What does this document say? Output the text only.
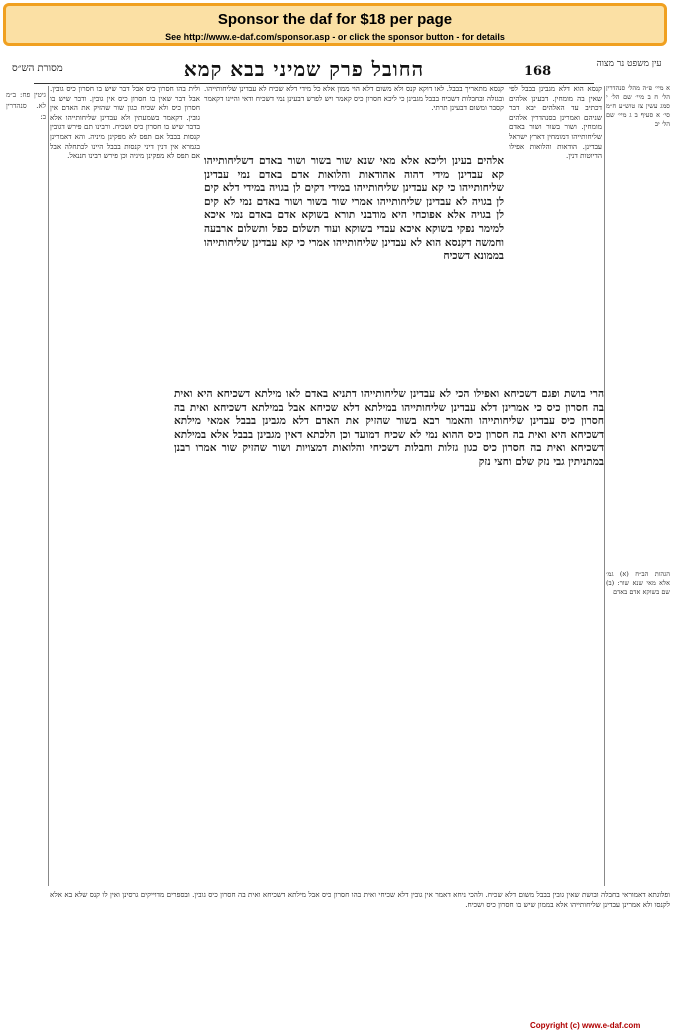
Sponsor the daf for $18 per page
See http://www.e-daf.com/sponsor.asp - or click the sponsor button - for details
מסורת הש״ס	החובל פרק שמיני בבא קמא	168	עין משפט נר מצוה
גיטין פח: ב״מ לא. סנהדרין ב:
ולית בהו חסרון כיס אבל דבר שיש בו חסרון כיס גובין. אבל דבר שאין בו חסרון כיס אין גובין. ודבר שיש בו חסרון כיס ולא שכיח כגון שור שהזיק את האדם אין גובין. דקאמר בשמעתין ולא עבדינן שליחותייהו אלא בדבר שיש בו חסרון כיס ושכיח. ורבינו תם פירש דגובין קנסות בבבל אם תפס לא מפקינן מיניה. והא דאמרינן בגמרא אין דנין דיני קנסות בבבל היינו לכתחלה אבל אם תפס לא מפקינן מיניה וכן פירש רבינו חננאל.
קנסא מתאריך בבבל. לאו דוקא קנס ולא משום דלא הוי ממון אלא כל מידי דלא שכיח לא עבדינן שליחותייהו. ובגזלה ובחבלות דשכיח בבבל מגבינן כי ליכא חסרון כיס קאמר ויש לפרש דבעינן נמי דשכיח ודאי והיינו דקאמר קסבר ומשום דבעינן תרתי.
אלהים בעינן וליכא אלא מאי שנא שור בשור ושור באדם דשליחותייהו קא עבדינן מידי דהוה אהודאות והלואות אדם באדם נמי עבדינן שליחותייהו כי קא עבדינן שליחותייהו במידי דקים לן בגויה במידי דלא קים לן בגויה לא עבדינן שליחותייהו אמרי שור בשור ושור באדם נמי לא קים לן בגויה אלא אפוכחי היא מודבני תורא בשוקא אדם באדם נמי איכא למימר נפקי בשוקא איכא עבדי בשוקא ועוד תשלום כפל ותשלום ארבעה וחמשה דקנסא הוא לא עבדינן שליחותייהו אמרי כי קא עבדינן שליחותייהו בממונא דשכיח
הרי בושת ופגם דשכיחא ואפילו הכי לא עבדינן שליחותייהו דתניא באדם לאו מילתא דשכיחא היא ואית בה חסרון כיס כי אמרינן דלא עבדינן שליחותייהו במילתא דלא שכיחא אבל במילתא דשכיחא ואית בה חסרון כיס עבדינן שליחותייהו והאמר רבא בשור שהזיק את האדם דלא מגבינן בבבל אמאי מילתא דשכיחא היא ואית בה חסרון כיס ההוא נמי לא שכיח דמועד וכן הלכתא דאין מגבינן בבבל אלא במילתא דשכיחא ואית בה חסרון כיס כגון גזלות וחבלות דשכיחי והלואות דמצויות ושור שהזיק שור אמרו רבנן במתניתין גבי נזק שלם וחצי נזק
קנסא הוא דלא מגבינן בבבל לפי שאין בה מומחין. דבעינן אלהים דכתיב עד האלהים יבא דבר שניהם ואמרינן בסנהדרין אלהים מומחין. ושור בשור ושור באדם שליחותייהו דמומחין דארץ ישראל עבדינן. הודאות והלואות אפילו הדיוטות דנין.
א מיי׳ פ״ה מהל׳ סנהדרין הל׳ ח ב מיי׳ שם הל׳ י סמג עשין צז טוש״ע ח״מ סי׳ א סעיף ב ג מיי׳ שם הל׳ יב
הגהות הב״ח (א) גמ׳ אלא מאי שנא שור: (ב) שם בשוקא אדם באדם
ופלוגתא דאמוראי בחבלה ובושת שאין גובין בבבל משום דלא שכיח. ולהכי ניחא דאמר אין גובין דלא שכיחי ואית בהו חסרון כיס אבל מילתא דשכיחא ואית בה חסרון כיס גובין. ובספרים מדוייקים גרסינן ואין לו קנס שלא בא אלא לקנסו ולא אמרינן עבדינן שליחותייהו אלא בממון שיש בו חסרון כיס ושכיח.
Copyright (c) www.e-daf.com
